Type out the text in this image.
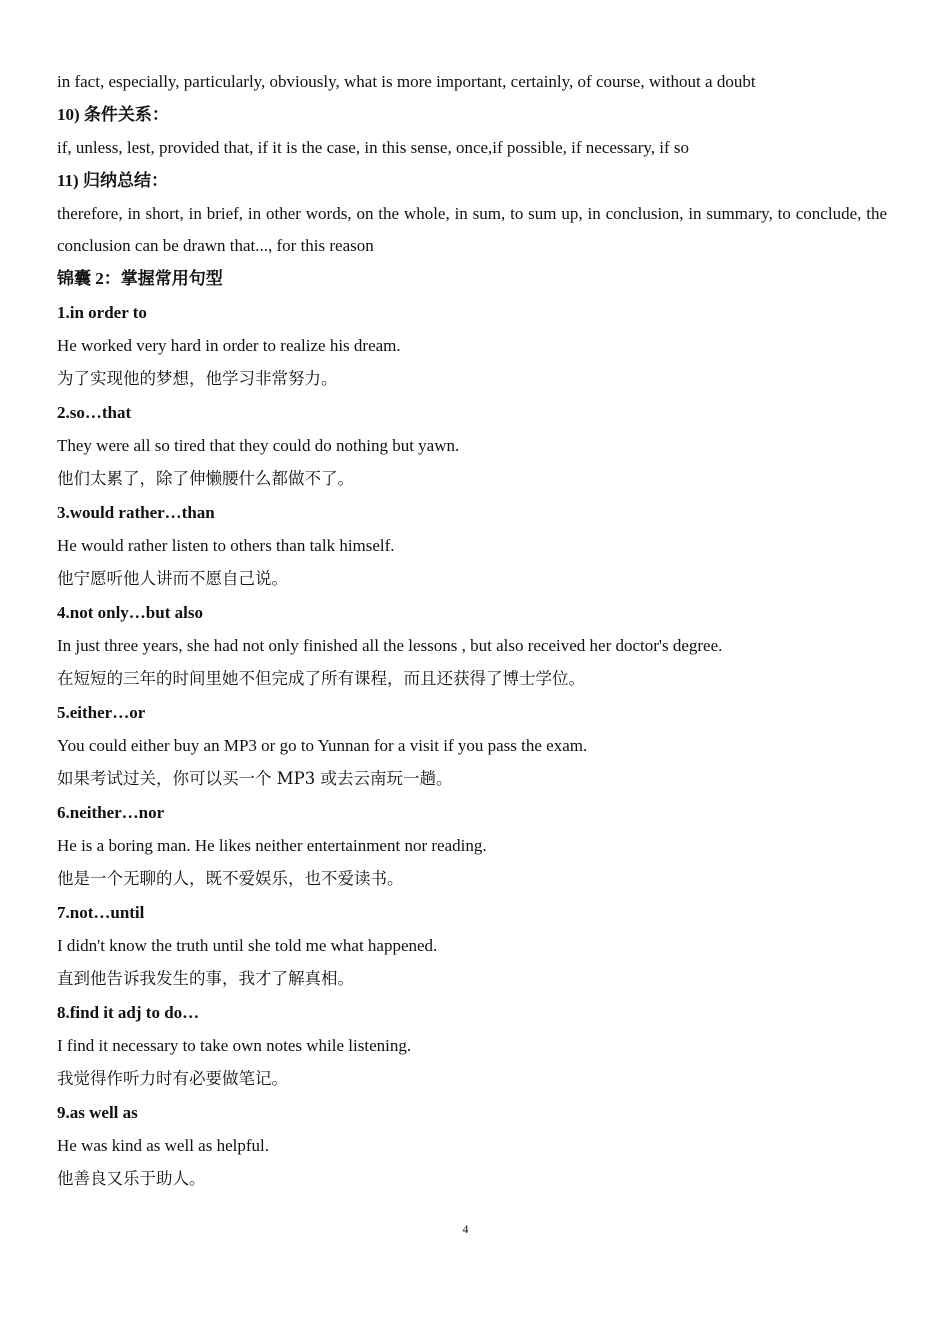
in fact, especially, particularly, obviously, what is more important, certainly, of course, without a doubt
10) 条件关系：
if, unless, lest, provided that, if it is the case, in this sense, once,if possible, if necessary, if so
11) 归纳总结：
therefore, in short, in brief, in other words, on the whole, in sum, to sum up, in conclusion, in summary, to conclude, the conclusion can be drawn that..., for this reason
锦囊 2：掌握常用句型
1.in order to
He worked very hard in order to realize his dream.
为了实现他的梦想，他学习非常努力。
2.so…that
They were all so tired that they could do nothing but yawn.
他们太累了，除了伸懒腰什么都做不了。
3.would rather…than
He would rather listen to others than talk himself.
他宁愿听他人讲而不愿自己说。
4.not only…but also
In just three years, she had not only finished all the lessons , but also received her doctor's degree.
在短短的三年的时间里她不但完成了所有课程，而且还获得了博士学位。
5.either…or
You could either buy an MP3 or go to Yunnan for a visit if you pass the exam.
如果考试过关，你可以买一个 MP3 或去云南玩一趟。
6.neither…nor
He is a boring man. He likes neither entertainment nor reading.
他是一个无聊的人，既不爱娱乐，也不爱读书。
7.not…until
I didn't know the truth until she told me what happened.
直到他告诉我发生的事，我才了解真相。
8.find it adj to do…
I find it necessary to take own notes while listening.
我觉得作听力时有必要做笔记。
9.as well as
He was kind as well as helpful.
他善良又乐于助人。
4
